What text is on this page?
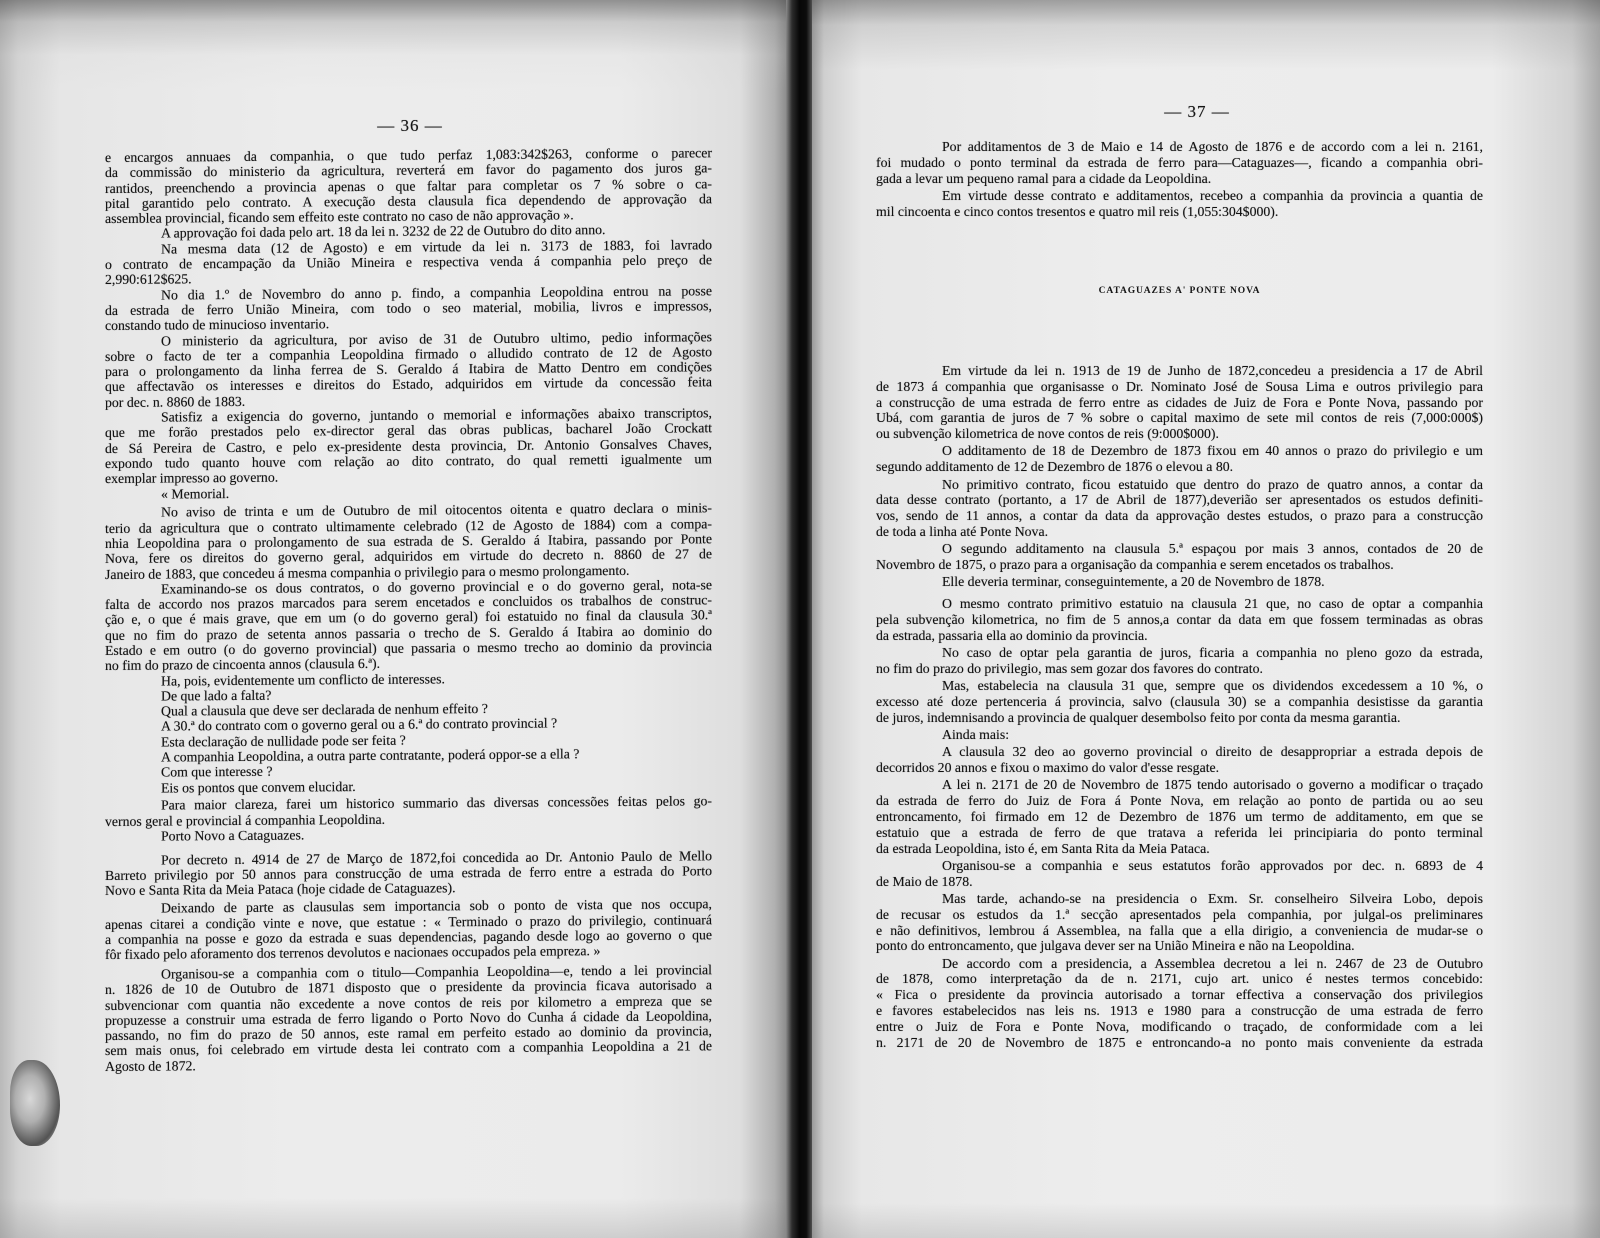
— 36 —
e encargos annuaes da companhia, o que tudo perfaz 1,083:342$263, conforme o parecer
da commissão do ministerio da agricultura, reverterá em favor do pagamento dos juros ga-
rantidos, preenchendo a provincia apenas o que faltar para completar os 7 % sobre o ca-
pital garantido pelo contrato. A execução desta clausula fica dependendo de approvação da
assemblea provincial, ficando sem effeito este contrato no caso de não approvação ».
A approvação foi dada pelo art. 18 da lei n. 3232 de 22 de Outubro do dito anno.
Na mesma data (12 de Agosto) e em virtude da lei n. 3173 de 1883, foi lavrado
o contrato de encampação da União Mineira e respectiva venda á companhia pelo preço de
2,990:612$625.
No dia 1.º de Novembro do anno p. findo, a companhia Leopoldina entrou na posse
da estrada de ferro União Mineira, com todo o seo material, mobilia, livros e impressos,
constando tudo de minucioso inventario.
O ministerio da agricultura, por aviso de 31 de Outubro ultimo, pedio informações
sobre o facto de ter a companhia Leopoldina firmado o alludido contrato de 12 de Agosto
para o prolongamento da linha ferrea de S. Geraldo á Itabira de Matto Dentro em condições
que affectavão os interesses e direitos do Estado, adquiridos em virtude da concessão feita
por dec. n. 8860 de 1883.
Satisfiz a exigencia do governo, juntando o memorial e informações abaixo transcriptos,
que me forão prestados pelo ex-director geral das obras publicas, bacharel João Crockatt
de Sá Pereira de Castro, e pelo ex-presidente desta provincia, Dr. Antonio Gonsalves Chaves,
expondo tudo quanto houve com relação ao dito contrato, do qual remetti igualmente um
exemplar impresso ao governo.
« Memorial.
No aviso de trinta e um de Outubro de mil oitocentos oitenta e quatro declara o minis-
terio da agricultura que o contrato ultimamente celebrado (12 de Agosto de 1884) com a compa-
nhia Leopoldina para o prolongamento de sua estrada de S. Geraldo á Itabira, passando por Ponte
Nova, fere os direitos do governo geral, adquiridos em virtude do decreto n. 8860 de 27 de
Janeiro de 1883, que concedeu á mesma companhia o privilegio para o mesmo prolongamento.
Examinando-se os dous contratos, o do governo provincial e o do governo geral, nota-se
falta de accordo nos prazos marcados para serem encetados e concluidos os trabalhos de construc-
ção e, o que é mais grave, que em um (o do governo geral) foi estatuido no final da clausula 30.ª
que no fim do prazo de setenta annos passaria o trecho de S. Geraldo á Itabira ao dominio do
Estado e em outro (o do governo provincial) que passaria o mesmo trecho ao dominio da provincia
no fim do prazo de cincoenta annos (clausula 6.ª).
Ha, pois, evidentemente um conflicto de interesses.
De que lado a falta?
Qual a clausula que deve ser declarada de nenhum effeito ?
A 30.ª do contrato com o governo geral ou a 6.ª do contrato provincial ?
Esta declaração de nullidade pode ser feita ?
A companhia Leopoldina, a outra parte contratante, poderá oppor-se a ella ?
Com que interesse ?
Eis os pontos que convem elucidar.
Para maior clareza, farei um historico summario das diversas concessões feitas pelos go-
vernos geral e provincial á companhia Leopoldina.
Porto Novo a Cataguazes.
Por decreto n. 4914 de 27 de Março de 1872,foi concedida ao Dr. Antonio Paulo de Mello
Barreto privilegio por 50 annos para construcção de uma estrada de ferro entre a estrada do Porto
Novo e Santa Rita da Meia Pataca (hoje cidade de Cataguazes).
Deixando de parte as clausulas sem importancia sob o ponto de vista que nos occupa,
apenas citarei a condição vinte e nove, que estatue : « Terminado o prazo do privilegio, continuará
a companhia na posse e gozo da estrada e suas dependencias, pagando desde logo ao governo o que
fôr fixado pelo aforamento dos terrenos devolutos e nacionaes occupados pela empreza. »
Organisou-se a companhia com o titulo—Companhia Leopoldina—e, tendo a lei provincial
n. 1826 de 10 de Outubro de 1871 disposto que o presidente da provincia ficava autorisado a
subvencionar com quantia não excedente a nove contos de reis por kilometro a empreza que se
propuzesse a construir uma estrada de ferro ligando o Porto Novo do Cunha á cidade da Leopoldina,
passando, no fim do prazo de 50 annos, este ramal em perfeito estado ao dominio da provincia,
sem mais onus, foi celebrado em virtude desta lei contrato com a companhia Leopoldina a 21 de
Agosto de 1872.
— 37 —
Por additamentos de 3 de Maio e 14 de Agosto de 1876 e de accordo com a lei n. 2161,
foi mudado o ponto terminal da estrada de ferro para—Cataguazes—, ficando a companhia obri-
gada a levar um pequeno ramal para a cidade da Leopoldina.
Em virtude desse contrato e additamentos, recebeo a companhia da provincia a quantia de
mil cincoenta e cinco contos tresentos e quatro mil reis (1,055:304$000).
CATAGUAZES A' PONTE NOVA
Em virtude da lei n. 1913 de 19 de Junho de 1872,concedeu a presidencia a 17 de Abril
de 1873 á companhia que organisasse o Dr. Nominato José de Sousa Lima e outros privilegio para
a construcção de uma estrada de ferro entre as cidades de Juiz de Fora e Ponte Nova, passando por
Ubá, com garantia de juros de 7 % sobre o capital maximo de sete mil contos de reis (7,000:000$)
ou subvenção kilometrica de nove contos de reis (9:000$000).
O additamento de 18 de Dezembro de 1873 fixou em 40 annos o prazo do privilegio e um
segundo additamento de 12 de Dezembro de 1876 o elevou a 80.
No primitivo contrato, ficou estatuido que dentro do prazo de quatro annos, a contar da
data desse contrato (portanto, a 17 de Abril de 1877),deverião ser apresentados os estudos definiti-
vos, sendo de 11 annos, a contar da data da approvação destes estudos, o prazo para a construcção
de toda a linha até Ponte Nova.
O segundo additamento na clausula 5.ª espaçou por mais 3 annos, contados de 20 de
Novembro de 1875, o prazo para a organisação da companhia e serem encetados os trabalhos.
Elle deveria terminar, conseguintemente, a 20 de Novembro de 1878.
O mesmo contrato primitivo estatuio na clausula 21 que, no caso de optar a companhia
pela subvenção kilometrica, no fim de 5 annos,a contar da data em que fossem terminadas as obras
da estrada, passaria ella ao dominio da provincia.
No caso de optar pela garantia de juros, ficaria a companhia no pleno gozo da estrada,
no fim do prazo do privilegio, mas sem gozar dos favores do contrato.
Mas, estabelecia na clausula 31 que, sempre que os dividendos excedessem a 10 %, o
excesso até doze pertenceria á provincia, salvo (clausula 30) se a companhia desistisse da garantia
de juros, indemnisando a provincia de qualquer desembolso feito por conta da mesma garantia.
Ainda mais:
A clausula 32 deo ao governo provincial o direito de desappropriar a estrada depois de
decorridos 20 annos e fixou o maximo do valor d'esse resgate.
A lei n. 2171 de 20 de Novembro de 1875 tendo autorisado o governo a modificar o traçado
da estrada de ferro do Juiz de Fora á Ponte Nova, em relação ao ponto de partida ou ao seu
entroncamento, foi firmado em 12 de Dezembro de 1876 um termo de additamento, em que se
estatuio que a estrada de ferro de que tratava a referida lei principiaria do ponto terminal
da estrada Leopoldina, isto é, em Santa Rita da Meia Pataca.
Organisou-se a companhia e seus estatutos forão approvados por dec. n. 6893 de 4
de Maio de 1878.
Mas tarde, achando-se na presidencia o Exm. Sr. conselheiro Silveira Lobo, depois
de recusar os estudos da 1.ª secção apresentados pela companhia, por julgal-os preliminares
e não definitivos, lembrou á Assemblea, na falla que a ella dirigio, a conveniencia de mudar-se o
ponto do entroncamento, que julgava dever ser na União Mineira e não na Leopoldina.
De accordo com a presidencia, a Assemblea decretou a lei n. 2467 de 23 de Outubro
de 1878, como interpretação da de n. 2171, cujo art. unico é nestes termos concebido:
« Fica o presidente da provincia autorisado a tornar effectiva a conservação dos privilegios
e favores estabelecidos nas leis ns. 1913 e 1980 para a construcção de uma estrada de ferro
entre o Juiz de Fora e Ponte Nova, modificando o traçado, de conformidade com a lei
n. 2171 de 20 de Novembro de 1875 e entroncando-a no ponto mais conveniente da estrada
